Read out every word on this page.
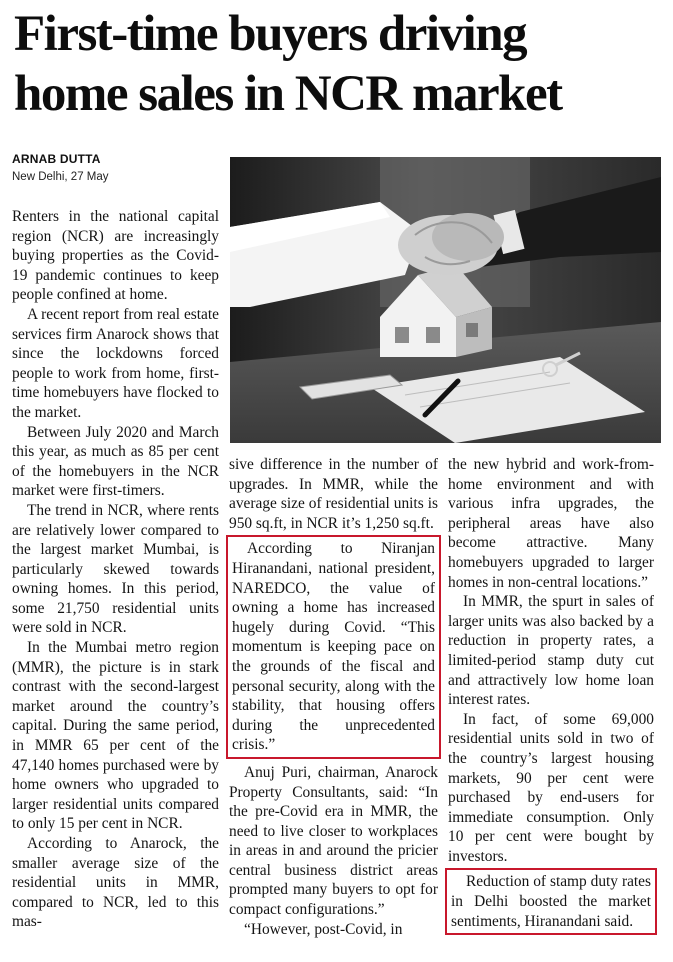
First-time buyers driving
home sales in NCR market
ARNAB DUTTA
New Delhi, 27 May

Renters in the national capital region (NCR) are increasingly buying properties as the Covid-19 pandemic continues to keep people confined at home.

A recent report from real estate services firm Anarock shows that since the lockdowns forced people to work from home, first-time homebuyers have flocked to the market.

Between July 2020 and March this year, as much as 85 per cent of the homebuyers in the NCR market were first-timers.

The trend in NCR, where rents are relatively lower compared to the largest market Mumbai, is particularly skewed towards owning homes. In this period, some 21,750 residential units were sold in NCR.

In the Mumbai metro region (MMR), the picture is in stark contrast with the second-largest market around the country’s capital. During the same period, in MMR 65 per cent of the 47,140 homes purchased were by home owners who upgraded to larger residential units compared to only 15 per cent in NCR.

According to Anarock, the smaller average size of the residential units in MMR, compared to NCR, led to this mas-

sive difference in the number of upgrades. In MMR, while the average size of residential units is 950 sq.ft, in NCR it’s 1,250 sq.ft.

According to Niranjan Hiranandani, national president, NAREDCO, the value of owning a home has increased hugely during Covid. “This momentum is keeping pace on the grounds of the fiscal and personal security, along with the stability, that housing offers during the unprecedented crisis.”

Anuj Puri, chairman, Anarock Property Consultants, said: “In the pre-Covid era in MMR, the need to live closer to workplaces in areas in and around the pricier central business district areas prompted many buyers to opt for compact configurations.”

“However, post-Covid, in

the new hybrid and work-from-home environment and with various infra upgrades, the peripheral areas have also become attractive. Many homebuyers upgraded to larger homes in non-central locations.”

In MMR, the spurt in sales of larger units was also backed by a reduction in property rates, a limited-period stamp duty cut and attractively low home loan interest rates.

In fact, of some 69,000 residential units sold in two of the country’s largest housing markets, 90 per cent were purchased by end-users for immediate consumption. Only 10 per cent were bought by investors.

Reduction of stamp duty rates in Delhi boosted the market sentiments, Hiranandani said.
